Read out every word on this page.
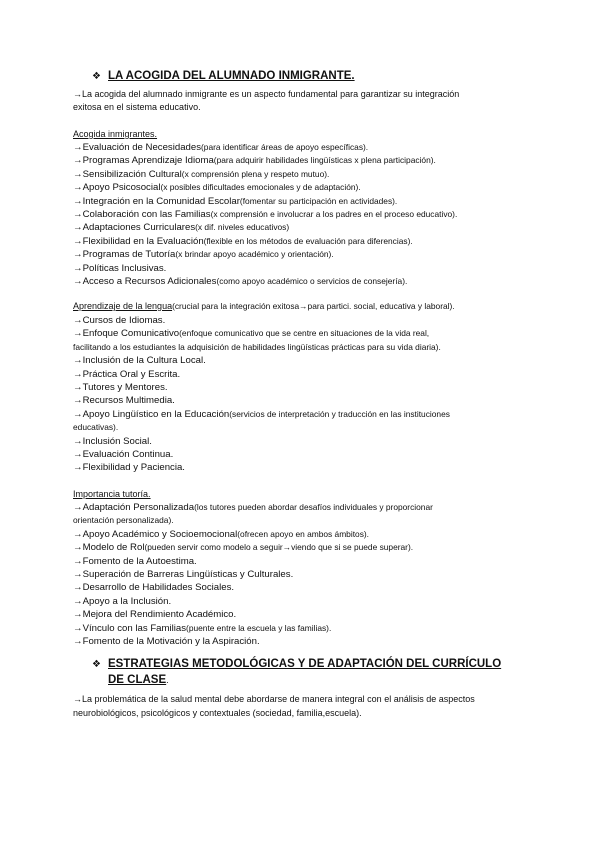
❖ LA ACOGIDA DEL ALUMNADO INMIGRANTE.
→La acogida del alumnado inmigrante es un aspecto fundamental para garantizar su integración
exitosa en el sistema educativo.
Acogida inmigrantes.
→Evaluación de Necesidades(para identificar áreas de apoyo específicas).
→Programas Aprendizaje Idioma(para adquirir habilidades lingüísticas x plena participación).
→Sensibilización Cultural(x comprensión plena y respeto mutuo).
→Apoyo Psicosocial(x posibles dificultades emocionales y de adaptación).
→Integración en la Comunidad Escolar(fomentar su participación en actividades).
→Colaboración con las Familias(x comprensión e involucrar a los padres en el proceso educativo).
→Adaptaciones Curriculares(x dif. niveles educativos)
→Flexibilidad en la Evaluación(flexible en los métodos de evaluación para diferencias).
→Programas de Tutoría(x brindar apoyo académico y orientación).
→Políticas Inclusivas.
→Acceso a Recursos Adicionales(como apoyo académico o servicios de consejería).
Aprendizaje de la lengua(crucial para la integración exitosa→para partici. social, educativa y laboral).
→Cursos de Idiomas.
→Enfoque Comunicativo(enfoque comunicativo que se centre en situaciones de la vida real,
facilitando a los estudiantes la adquisición de habilidades lingüísticas prácticas para su vida diaria).
→Inclusión de la Cultura Local.
→Práctica Oral y Escrita.
→Tutores y Mentores.
→Recursos Multimedia.
→Apoyo Lingüístico en la Educación(servicios de interpretación y traducción en las instituciones
educativas).
→Inclusión Social.
→Evaluación Continua.
→Flexibilidad y Paciencia.
Importancia tutoría.
→Adaptación Personalizada(los tutores pueden abordar desafíos individuales y proporcionar
orientación personalizada).
→Apoyo Académico y Socioemocional(ofrecen apoyo en ambos ámbitos).
→Modelo de Rol(pueden servir como modelo a seguir→viendo que si se puede superar).
→Fomento de la Autoestima.
→Superación de Barreras Lingüísticas y Culturales.
→Desarrollo de Habilidades Sociales.
→Apoyo a la Inclusión.
→Mejora del Rendimiento Académico.
→Vínculo con las Familias(puente entre la escuela y las familias).
→Fomento de la Motivación y la Aspiración.
❖ ESTRATEGIAS METODOLÓGICAS Y DE ADAPTACIÓN DEL CURRÍCULO
DE CLASE.
→La problemática de la salud mental debe abordarse de manera integral con el análisis de aspectos
neurobiológicos, psicológicos y contextuales (sociedad, familia,escuela).
